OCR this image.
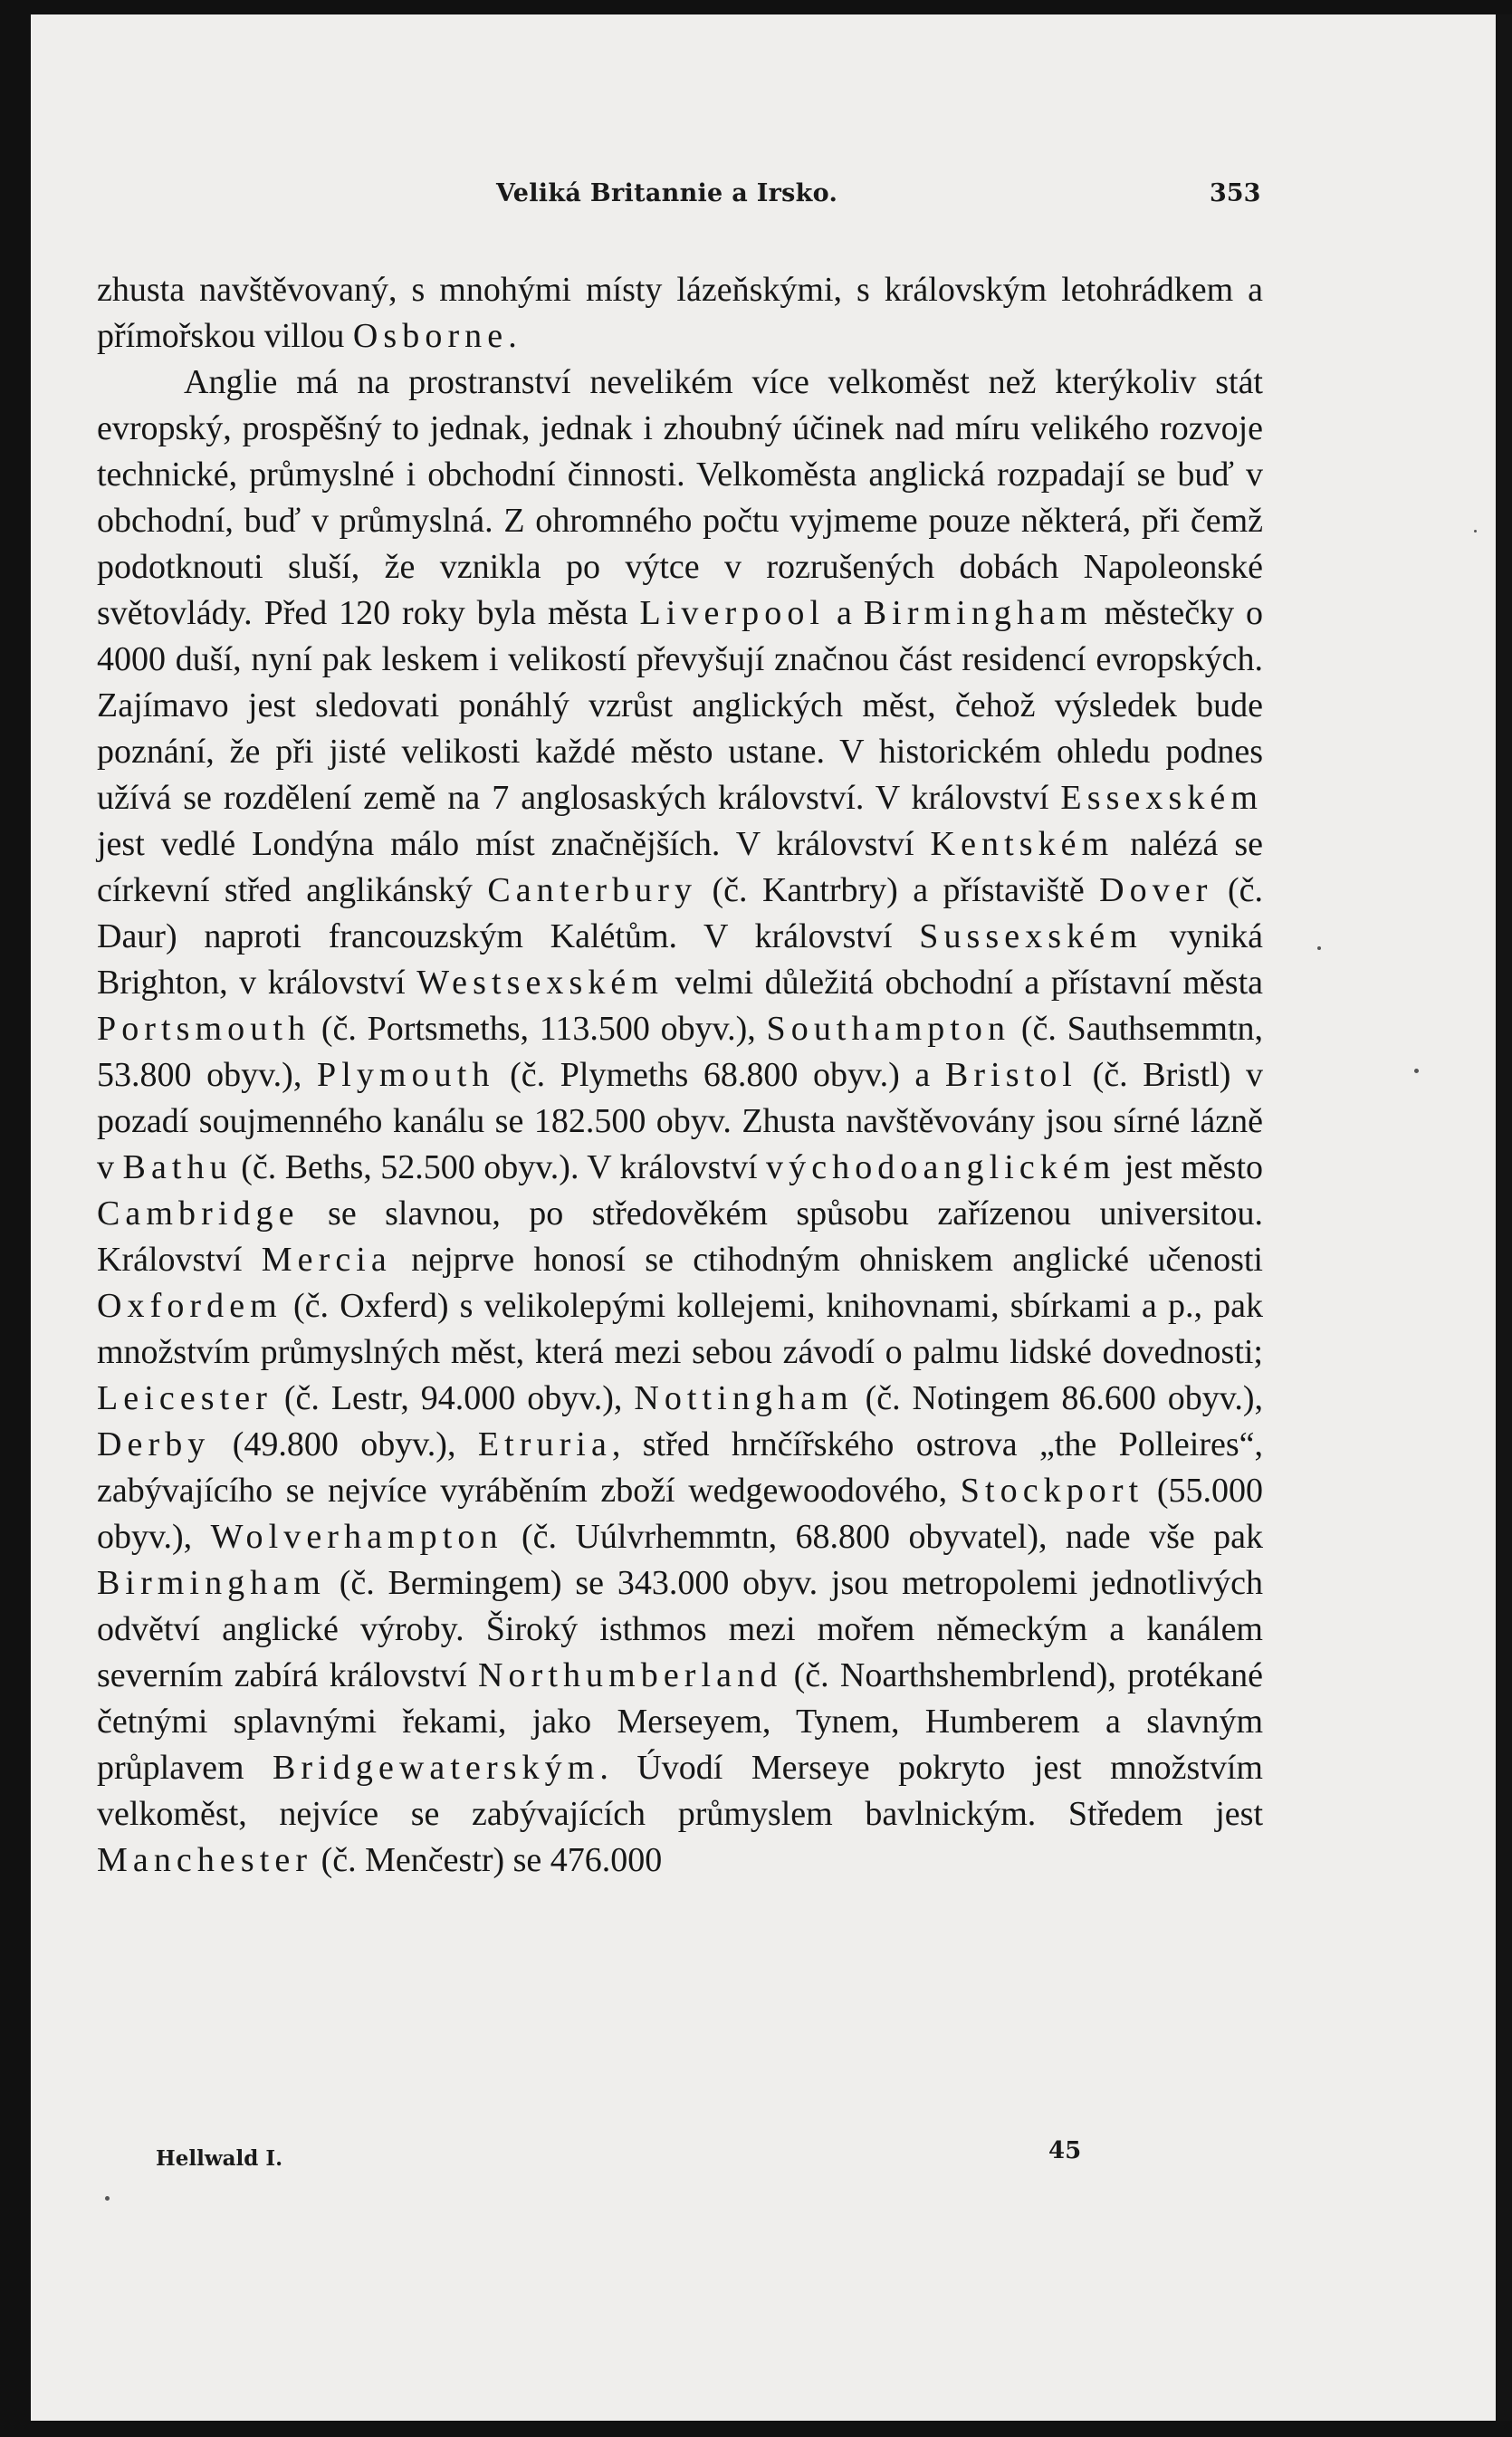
Veliká Britannie a Irsko.	353

zhusta navštěvovaný, s mnohými místy lázeňskými, s královským letohrádkem a přímořskou villou Osborne.

Anglie má na prostranství nevelikém více velkoměst než kterýkoliv stát evropský, prospěšný to jednak, jednak i zhoubný účinek nad míru velikého rozvoje technické, průmyslné i obchodní činnosti. Velkoměsta anglická rozpadají se buď v obchodní, buď v průmyslná. Z ohromného počtu vyjmeme pouze některá, při čemž podotknouti sluší, že vznikla po výtce v rozrušených dobách Napoleonské světovlády. Před 120 roky byla města Liverpool a Birmingham městečky o 4000 duší, nyní pak leskem i velikostí převyšují značnou část residencí evropských. Zajímavo jest sledovati ponáhlý vzrůst anglických měst, čehož výsledek bude poznání, že při jisté velikosti každé město ustane. V historickém ohledu podnes užívá se rozdělení země na 7 anglosaských království. V království Essexském jest vedlé Londýna málo míst značnějších. V království Kentském nalézá se církevní střed anglikánský Canterbury (č. Kantrbry) a přístaviště Dover (č. Daur) naproti francouzským Kalétům. V království Sussexském vyniká Brighton, v království Westsexském velmi důležitá obchodní a přístavní města Portsmouth (č. Portsmeths, 113.500 obyv.), Southampton (č. Sauthsemmtn, 53.800 obyv.), Plymouth (č. Plymeths 68.800 obyv.) a Bristol (č. Bristl) v pozadí soujmenného kanálu se 182.500 obyv. Zhusta navštěvovány jsou sírné lázně v Bathu (č. Beths, 52.500 obyv.). V království východoanglickém jest město Cambridge se slavnou, po středověkém spůsobu zařízenou universitou. Království Mercia nejprve honosí se ctihodným ohniskem anglické učenosti Oxfordem (č. Oxferd) s velikolepými kollejemi, knihovnami, sbírkami a p., pak množstvím průmyslných měst, která mezi sebou závodí o palmu lidské dovednosti; Leicester (č. Lestr, 94.000 obyv.), Nottingham (č. Notingem 86.600 obyv.), Derby (49.800 obyv.), Etruria, střed hrnčířského ostrova „the Polleires“, zabývajícího se nejvíce vyráběním zboží wedgewoodového, Stockport (55.000 obyv.), Wolverhampton (č. Uúlvrhemmtn, 68.800 obyvatel), nade vše pak Birmingham (č. Bermingem) se 343.000 obyv. jsou metropolemi jednotlivých odvětví anglické výroby. Široký isthmos mezi mořem německým a kanálem severním zabírá království Northumberland (č. Noarthshembrlend), protékané četnými splavnými řekami, jako Merseyem, Tynem, Humberem a slavným průplavem Bridgewaterským. Úvodí Merseye pokryto jest množstvím velkoměst, nejvíce se zabývajících průmyslem bavlnickým. Středem jest Manchester (č. Menčestr) se 476.000

Hellwald I.	45
